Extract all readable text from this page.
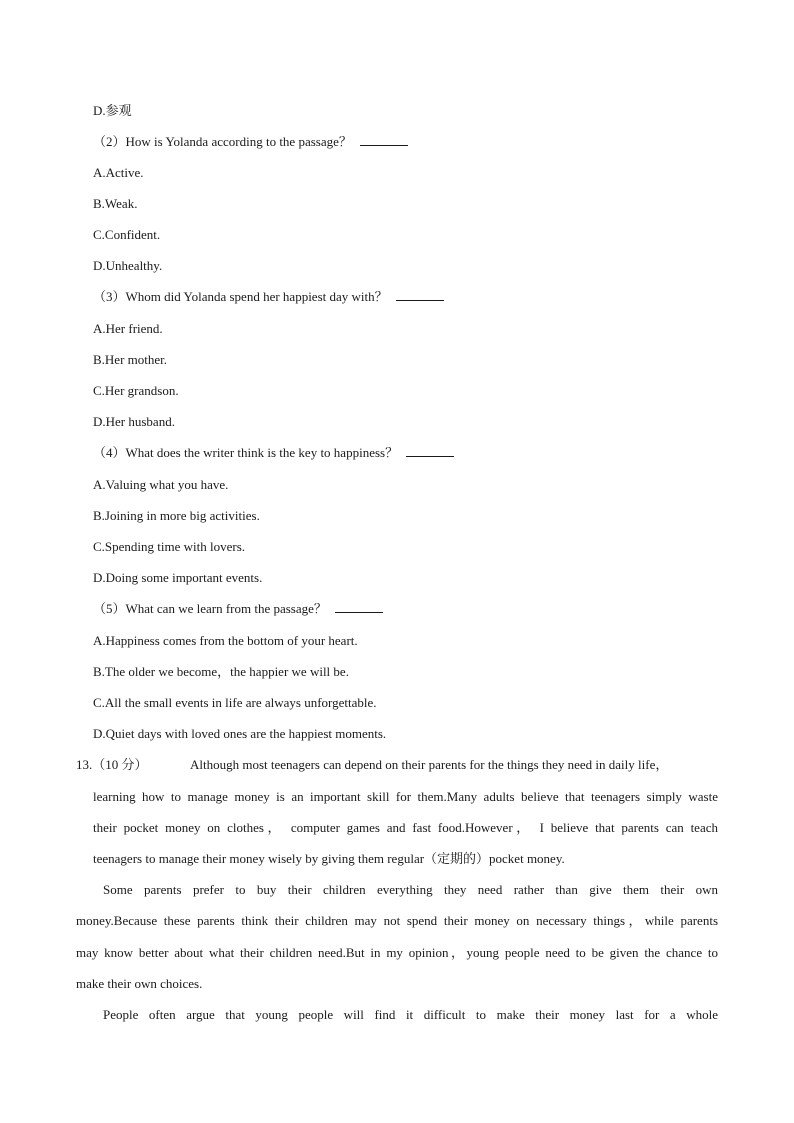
D.参观
（2）How is Yolanda according to the passage？
A.Active.
B.Weak.
C.Confident.
D.Unhealthy.
（3）Whom did Yolanda spend her happiest day with？
A.Her friend.
B.Her mother.
C.Her grandson.
D.Her husband.
（4）What does the writer think is the key to happiness？
A.Valuing what you have.
B.Joining in more big activities.
C.Spending time with lovers.
D.Doing some important events.
（5）What can we learn from the passage？
A.Happiness comes from the bottom of your heart.
B.The older we become，the happier we will be.
C.All the small events in life are always unforgettable.
D.Quiet days with loved ones are the happiest moments.
13.（10 分）	Although most teenagers can depend on their parents for the things they need in daily life，
learning how to manage money is an important skill for them.Many adults believe that teenagers simply waste
their pocket money on clothes， computer games and fast food.However， I believe that parents can teach
teenagers to manage their money wisely by giving them regular（定期的）pocket money.
Some parents prefer to buy their children everything they need rather than give them their own
money.Because these parents think their children may not spend their money on necessary things，while parents
may know better about what their children need.But in my opinion，young people need to be given the chance to
make their own choices.
People often argue that young people will find it difficult to make their money last for a whole
